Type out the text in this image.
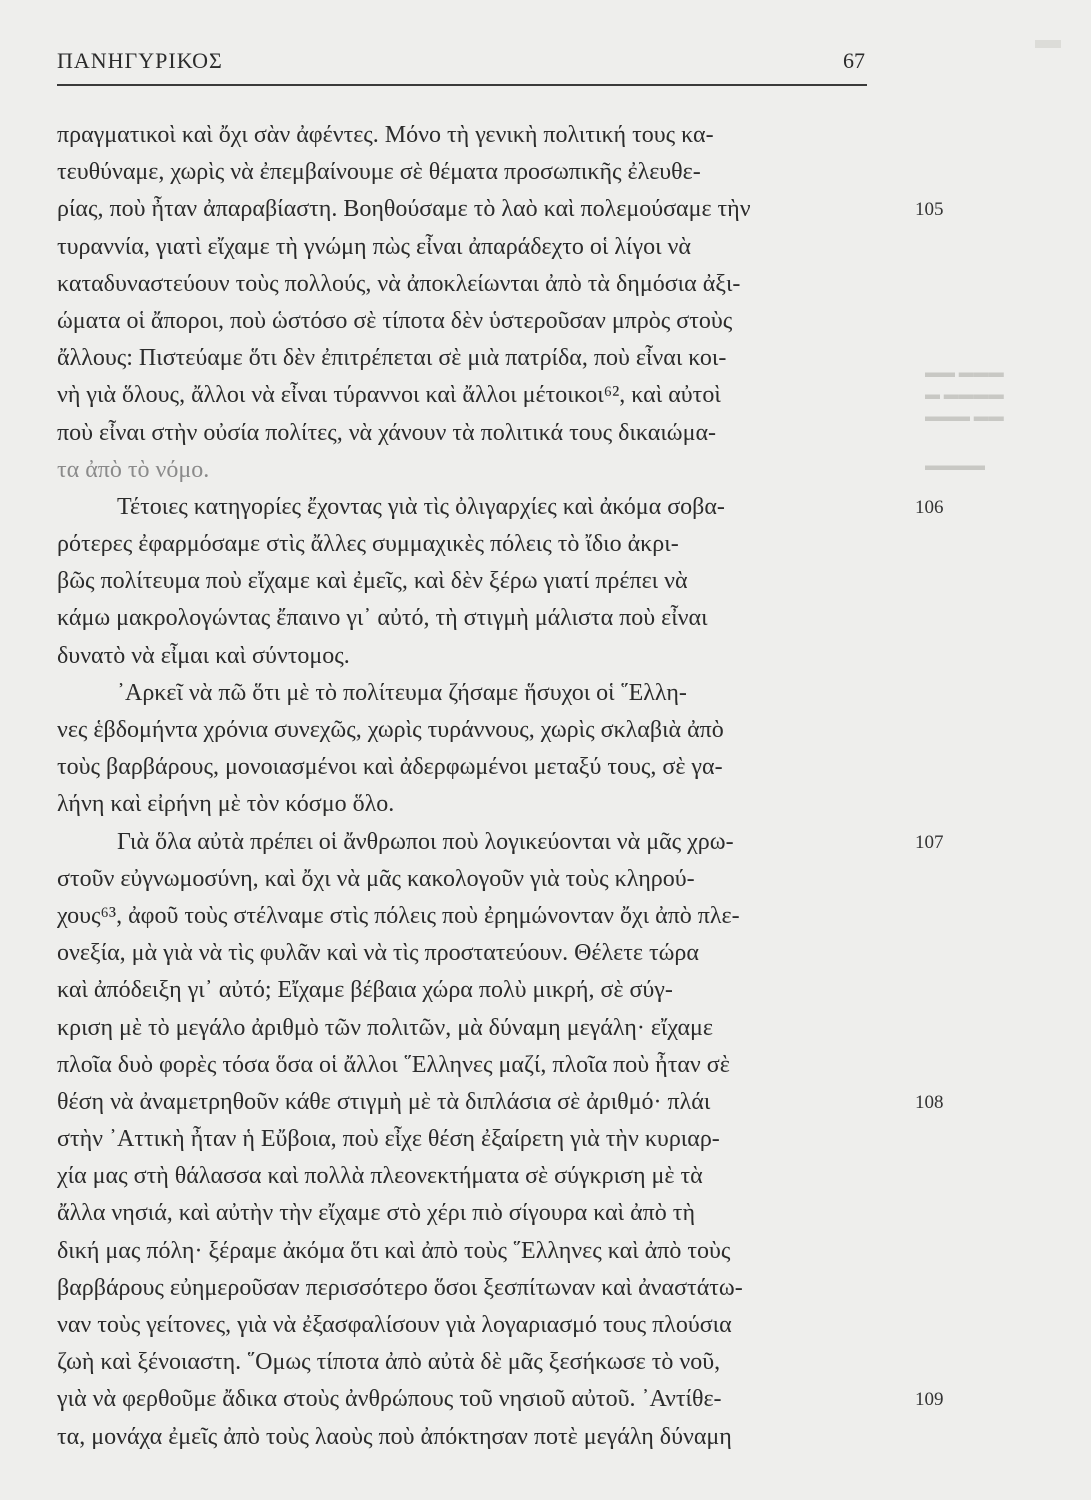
ΠΑΝΗΓΥΡΙΚΟΣ	67
πραγματικοὶ καὶ ὄχι σὰν ἀφέντες. Μόνο τὴ γενικὴ πολιτική τους κα-
τευθύναμε, χωρὶς νὰ ἐπεμβαίνουμε σὲ θέματα προσωπικῆς ἐλευθε-
ρίας, ποὺ ἦταν ἀπαραβίαστη. Βοηθούσαμε τὸ λαὸ καὶ πολεμούσαμε τὴν	105
τυραννία, γιατὶ εἴχαμε τὴ γνώμη πὼς εἶναι ἀπαράδεχτο οἱ λίγοι νὰ
καταδυναστεύουν τοὺς πολλούς, νὰ ἀποκλείωνται ἀπὸ τὰ δημόσια ἀξι-
ώματα οἱ ἄποροι, ποὺ ὡστόσο σὲ τίποτα δὲν ὑστεροῦσαν μπρὸς στοὺς
ἄλλους: Πιστεύαμε ὅτι δὲν ἐπιτρέπεται σὲ μιὰ πατρίδα, ποὺ εἶναι κοι-
νὴ γιὰ ὅλους, ἄλλοι νὰ εἶναι τύραννοι καὶ ἄλλοι μέτοικοι⁶², καὶ αὐτοὶ
ποὺ εἶναι στὴν οὐσία πολίτες, νὰ χάνουν τὰ πολιτικά τους δικαιώμα-
τα ἀπὸ τὸ νόμο.
Τέτοιες κατηγορίες ἔχοντας γιὰ τὶς ὀλιγαρχίες καὶ ἀκόμα σοβα-	106
ρότερες ἐφαρμόσαμε στὶς ἄλλες συμμαχικὲς πόλεις τὸ ἴδιο ἀκρι-
βῶς πολίτευμα ποὺ εἴχαμε καὶ ἐμεῖς, καὶ δὲν ξέρω γιατί πρέπει νὰ
κάμω μακρολογώντας ἔπαινο γι᾽ αὐτό, τὴ στιγμὴ μάλιστα ποὺ εἶναι
δυνατὸ νὰ εἶμαι καὶ σύντομος.
᾽Αρκεῖ νὰ πῶ ὅτι μὲ τὸ πολίτευμα ζήσαμε ἥσυχοι οἱ ῞Ελλη-
νες ἑβδομήντα χρόνια συνεχῶς, χωρὶς τυράννους, χωρὶς σκλαβιὰ ἀπὸ
τοὺς βαρβάρους, μονοιασμένοι καὶ ἀδερφωμένοι μεταξύ τους, σὲ γα-
λήνη καὶ εἰρήνη μὲ τὸν κόσμο ὅλο.
Γιὰ ὅλα αὐτὰ πρέπει οἱ ἄνθρωποι ποὺ λογικεύονται νὰ μᾶς χρω-	107
στοῦν εὐγνωμοσύνη, καὶ ὄχι νὰ μᾶς κακολογοῦν γιὰ τοὺς κληρού-
χους⁶³, ἀφοῦ τοὺς στέλναμε στὶς πόλεις ποὺ ἐρημώνονταν ὄχι ἀπὸ πλε-
ονεξία, μὰ γιὰ νὰ τὶς φυλᾶν καὶ νὰ τὶς προστατεύουν. Θέλετε τώρα
καὶ ἀπόδειξη γι᾽ αὐτό; Εἴχαμε βέβαια χώρα πολὺ μικρή, σὲ σύγ-
κριση μὲ τὸ μεγάλο ἀριθμὸ τῶν πολιτῶν, μὰ δύναμη μεγάλη· εἴχαμε
πλοῖα δυὸ φορὲς τόσα ὅσα οἱ ἄλλοι ῞Ελληνες μαζί, πλοῖα ποὺ ἦταν σὲ
θέση νὰ ἀναμετρηθοῦν κάθε στιγμὴ μὲ τὰ διπλάσια σὲ ἀριθμό· πλάι	108
στὴν ᾽Αττικὴ ἦταν ἡ Εὔβοια, ποὺ εἶχε θέση ἐξαίρετη γιὰ τὴν κυριαρ-
χία μας στὴ θάλασσα καὶ πολλὰ πλεονεκτήματα σὲ σύγκριση μὲ τὰ
ἄλλα νησιά, καὶ αὐτὴν τὴν εἴχαμε στὸ χέρι πιὸ σίγουρα καὶ ἀπὸ τὴ
δική μας πόλη· ξέραμε ἀκόμα ὅτι καὶ ἀπὸ τοὺς ῞Ελληνες καὶ ἀπὸ τοὺς
βαρβάρους εὐημεροῦσαν περισσότερο ὅσοι ξεσπίτωναν καὶ ἀναστάτω-
ναν τοὺς γείτονες, γιὰ νὰ ἐξασφαλίσουν γιὰ λογαριασμό τους πλούσια
ζωὴ καὶ ξένοιαστη. ῞Ομως τίποτα ἀπὸ αὐτὰ δὲ μᾶς ξεσήκωσε τὸ νοῦ,
γιὰ νὰ φερθοῦμε ἄδικα στοὺς ἀνθρώπους τοῦ νησιοῦ αὐτοῦ. ᾽Αντίθε-	109
τα, μονάχα ἐμεῖς ἀπὸ τοὺς λαοὺς ποὺ ἀπόκτησαν ποτὲ μεγάλη δύναμη
▬▬ ▬▬▬
▬ ▬▬▬▬
▬▬▬ ▬▬
▬▬▬▬
